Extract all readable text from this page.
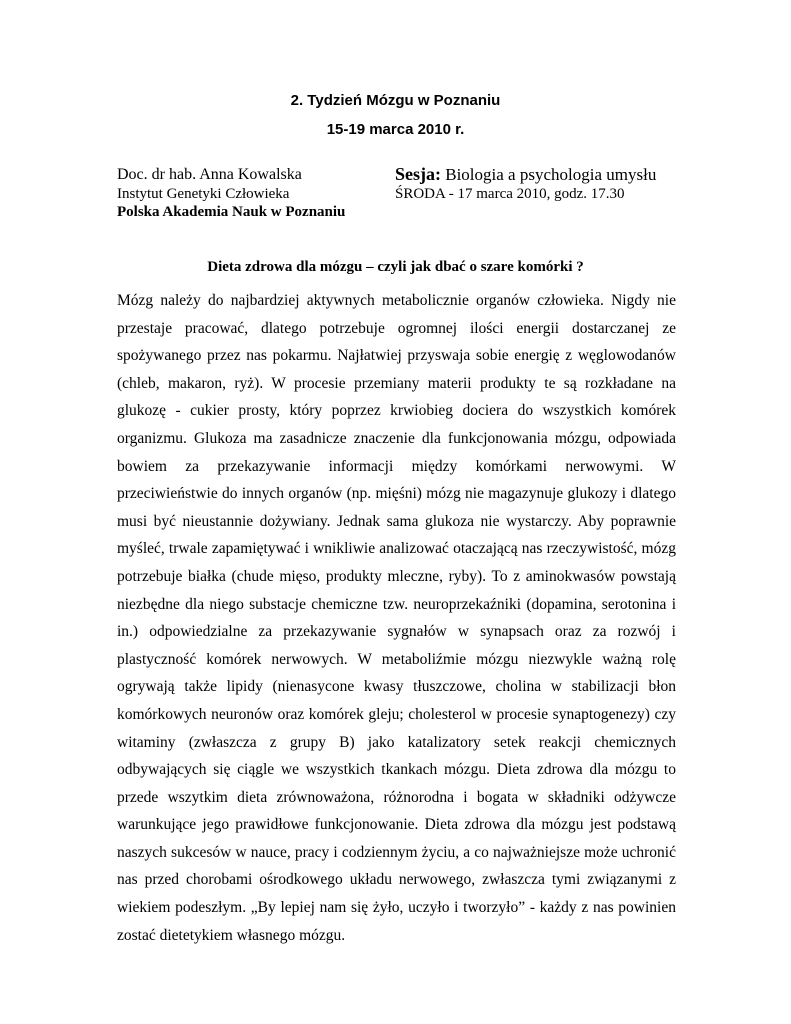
2. Tydzień Mózgu w Poznaniu

15-19 marca 2010 r.

Doc. dr hab. Anna Kowalska

Instytut Genetyki Człowieka

Polska Akademia Nauk w Poznaniu

Sesja: Biologia a psychologia umysłu

ŚRODA - 17 marca 2010, godz. 17.30

Dieta zdrowa dla mózgu – czyli jak dbać o szare komórki ?

Mózg należy do najbardziej aktywnych metabolicznie organów człowieka. Nigdy nie
przestaje pracować, dlatego potrzebuje ogromnej ilości energii dostarczanej ze
spożywanego przez nas pokarmu. Najłatwiej przyswaja sobie energię z węglowodanów
(chleb, makaron, ryż). W procesie przemiany materii produkty te są rozkładane na
glukozę - cukier prosty, który poprzez krwiobieg dociera do wszystkich komórek
organizmu. Glukoza ma zasadnicze znaczenie dla funkcjonowania mózgu, odpowiada
bowiem za przekazywanie informacji między komórkami nerwowymi. W
przeciwieństwie do innych organów (np. mięśni) mózg nie magazynuje glukozy i dlatego
musi być nieustannie dożywiany. Jednak sama glukoza nie wystarczy. Aby poprawnie
myśleć, trwale zapamiętywać i wnikliwie analizować otaczającą nas rzeczywistość, mózg
potrzebuje białka (chude mięso, produkty mleczne, ryby). To z aminokwasów powstają
niezbędne dla niego substacje chemiczne tzw. neuroprzekaźniki (dopamina, serotonina i
in.) odpowiedzialne za przekazywanie sygnałów w synapsach oraz za rozwój i
plastyczność komórek nerwowych. W metaboliźmie mózgu niezwykle ważną rolę
ogrywają także lipidy (nienasycone kwasy tłuszczowe, cholina w stabilizacji błon
komórkowych neuronów oraz komórek gleju; cholesterol w procesie synaptogenezy) czy
witaminy (zwłaszcza z grupy B) jako katalizatory setek reakcji chemicznych
odbywających się ciągle we wszystkich tkankach mózgu. Dieta zdrowa dla mózgu to
przede wszytkim dieta zrównoważona, różnorodna i bogata w składniki odżywcze
warunkujące jego prawidłowe funkcjonowanie. Dieta zdrowa dla mózgu jest podstawą
naszych sukcesów w nauce, pracy i codziennym życiu, a co najważniejsze może uchronić
nas przed chorobami ośrodkowego układu nerwowego, zwłaszcza tymi związanymi z
wiekiem podeszłym. „By lepiej nam się żyło, uczyło i tworzyło” - każdy z nas powinien
zostać dietetykiem własnego mózgu.
